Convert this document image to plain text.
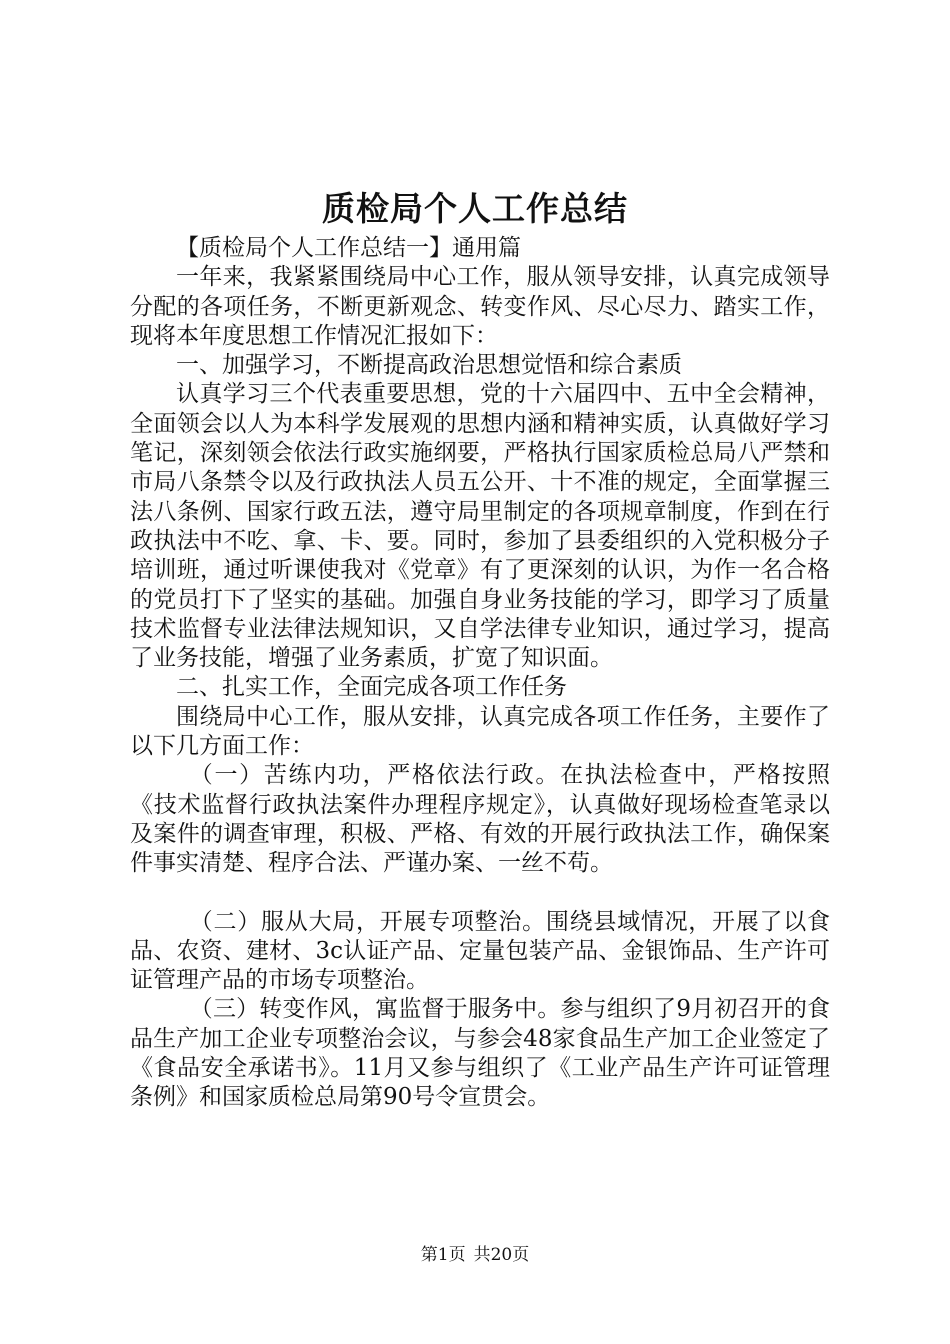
质检局个人工作总结

【质检局个人工作总结一】通用篇

一年来，我紧紧围绕局中心工作，服从领导安排，认真完成领导分配的各项任务，不断更新观念、转变作风、尽心尽力、踏实工作，现将本年度思想工作情况汇报如下：

一、加强学习，不断提高政治思想觉悟和综合素质

认真学习三个代表重要思想，党的十六届四中、五中全会精神，全面领会以人为本科学发展观的思想内涵和精神实质，认真做好学习笔记，深刻领会依法行政实施纲要，严格执行国家质检总局八严禁和市局八条禁令以及行政执法人员五公开、十不准的规定，全面掌握三法八条例、国家行政五法，遵守局里制定的各项规章制度，作到在行政执法中不吃、拿、卡、要。同时，参加了县委组织的入党积极分子培训班，通过听课使我对《党章》有了更深刻的认识，为作一名合格的党员打下了坚实的基础。加强自身业务技能的学习，即学习了质量技术监督专业法律法规知识，又自学法律专业知识，通过学习，提高了业务技能，增强了业务素质，扩宽了知识面。

二、扎实工作，全面完成各项工作任务

围绕局中心工作，服从安排，认真完成各项工作任务，主要作了以下几方面工作：

（一）苦练内功，严格依法行政。在执法检查中，严格按照《技术监督行政执法案件办理程序规定》，认真做好现场检查笔录以及案件的调查审理，积极、严格、有效的开展行政执法工作，确保案件事实清楚、程序合法、严谨办案、一丝不苟。

（二）服从大局，开展专项整治。围绕县域情况，开展了以食品、农资、建材、3c认证产品、定量包装产品、金银饰品、生产许可证管理产品的市场专项整治。

（三）转变作风，寓监督于服务中。参与组织了9月初召开的食品生产加工企业专项整治会议，与参会48家食品生产加工企业签定了《食品安全承诺书》。11月又参与组织了《工业产品生产许可证管理条例》和国家质检总局第90号令宣贯会。

第1页 共20页
